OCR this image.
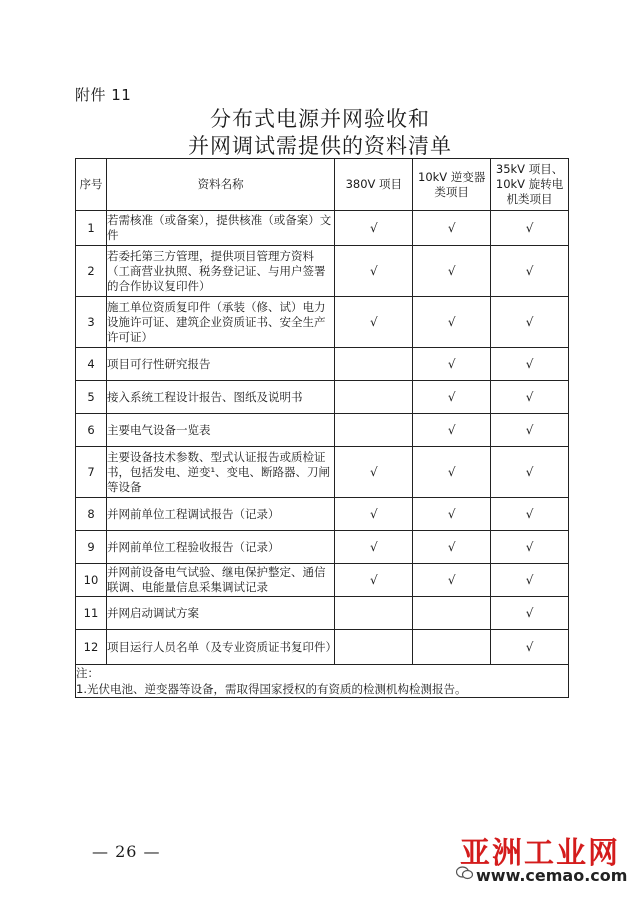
附件 11
分布式电源并网验收和
并网调试需提供的资料清单
序号	资料名称	380V 项目	10kV 逆变器类项目	35kV 项目、10kV 旋转电机类项目
1	若需核准（或备案），提供核准（或备案）文件	√	√	√
2	若委托第三方管理，提供项目管理方资料（工商营业执照、税务登记证、与用户签署的合作协议复印件）	√	√	√
3	施工单位资质复印件（承装（修、试）电力设施许可证、建筑企业资质证书、安全生产许可证）	√	√	√
4	项目可行性研究报告		√	√
5	接入系统工程设计报告、图纸及说明书		√	√
6	主要电气设备一览表		√	√
7	主要设备技术参数、型式认证报告或质检证书，包括发电、逆变¹、变电、断路器、刀闸等设备	√	√	√
8	并网前单位工程调试报告（记录）	√	√	√
9	并网前单位工程验收报告（记录）	√	√	√
10	并网前设备电气试验、继电保护整定、通信联调、电能量信息采集调试记录	√	√	√
11	并网启动调试方案			√
12	项目运行人员名单（及专业资质证书复印件）			√

注：
1.光伏电池、逆变器等设备，需取得国家授权的有资质的检测机构检测报告。				
— 26 —	亚洲工业网
www.cemao.com
